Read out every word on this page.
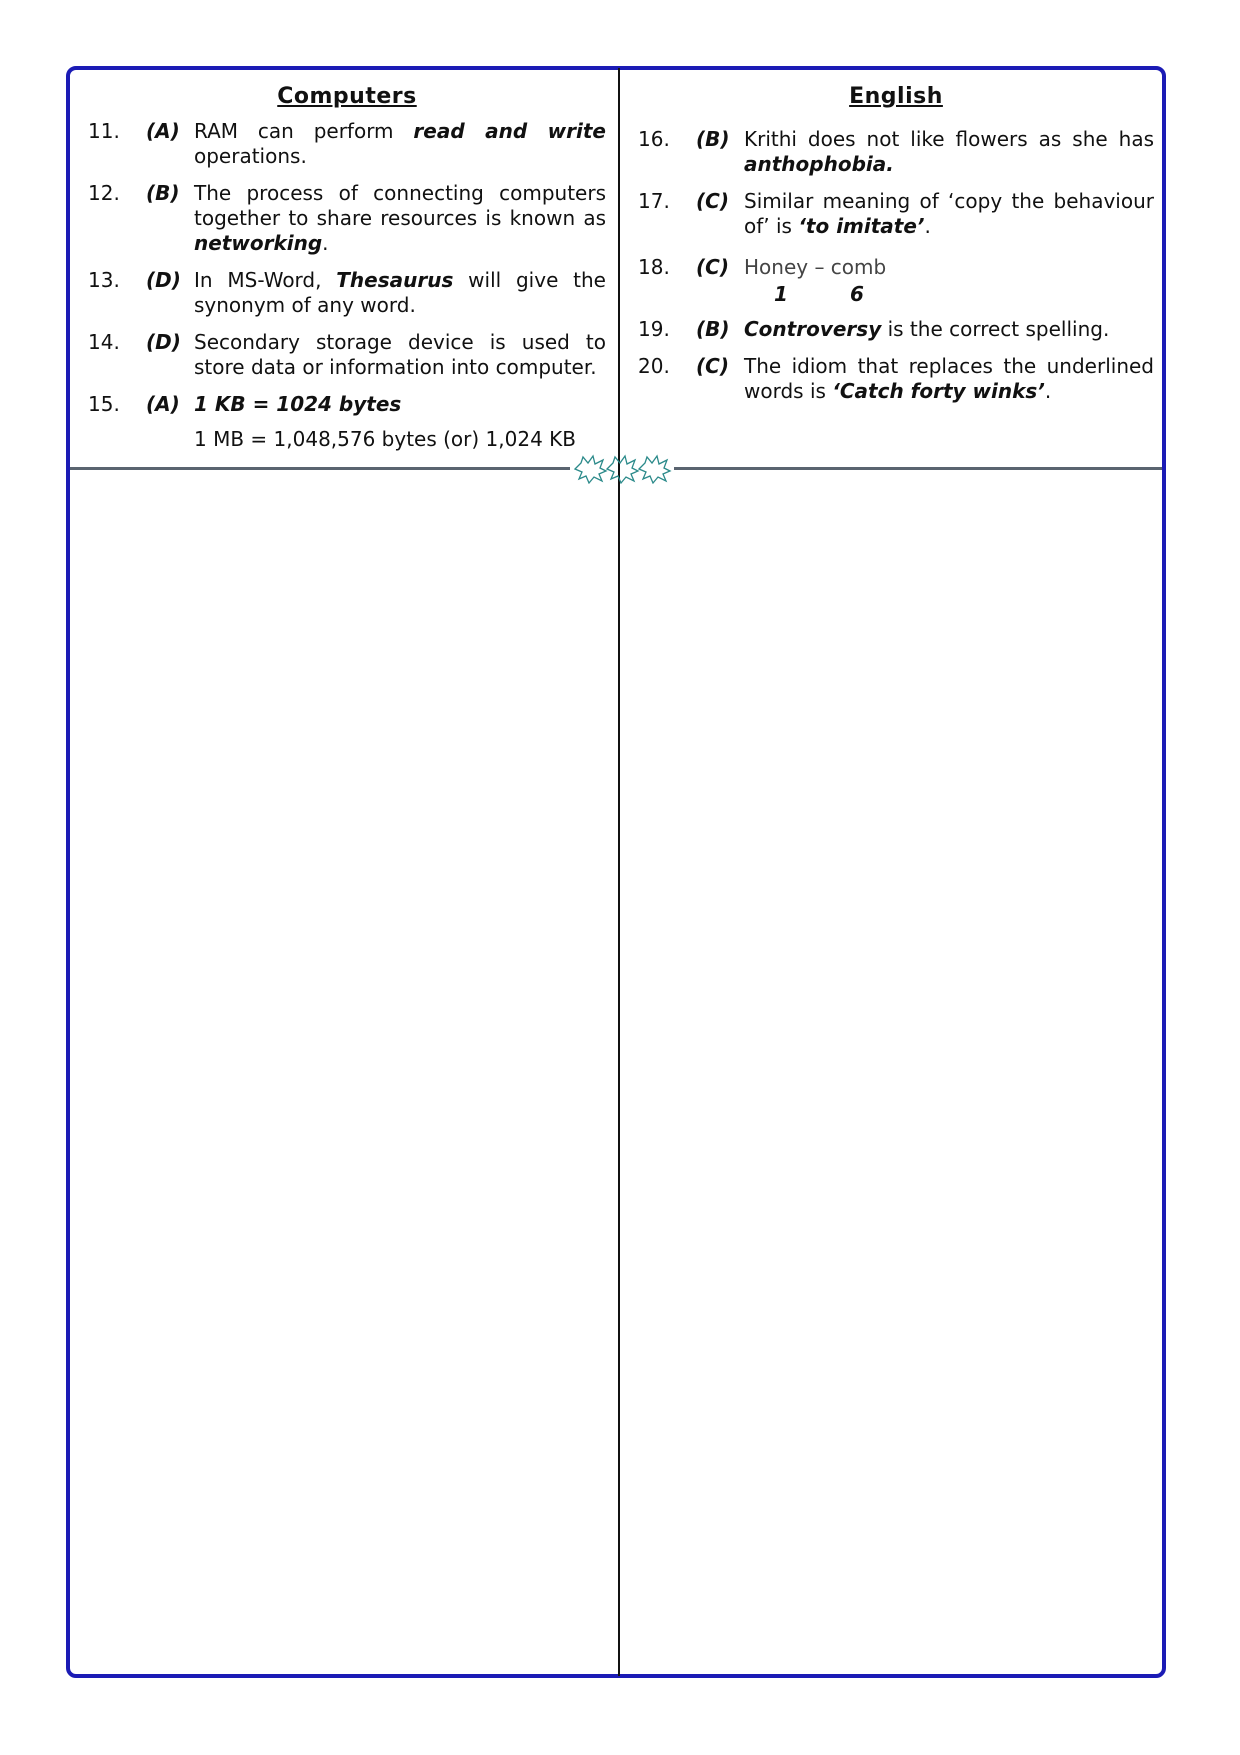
Computers
11.	(A) RAM can perform read and write operations.
12.	(B) The process of connecting computers together to share resources is known as networking.
13.	(D) In MS-Word, Thesaurus will give the synonym of any word.
14.	(D) Secondary storage device is used to store data or information into computer.
15.	(A) 1 KB = 1024 bytes
1 MB = 1,048,576 bytes (or) 1,024 KB
English
16.	(B) Krithi does not like flowers as she has anthophobia.
17.	(C) Similar meaning of ‘copy the behaviour of’ is ‘to imitate’.
18.	(C) Honey – comb
1	6
19.	(B) Controversy is the correct spelling.
20.	(C) The idiom that replaces the underlined words is ‘Catch forty winks’.
